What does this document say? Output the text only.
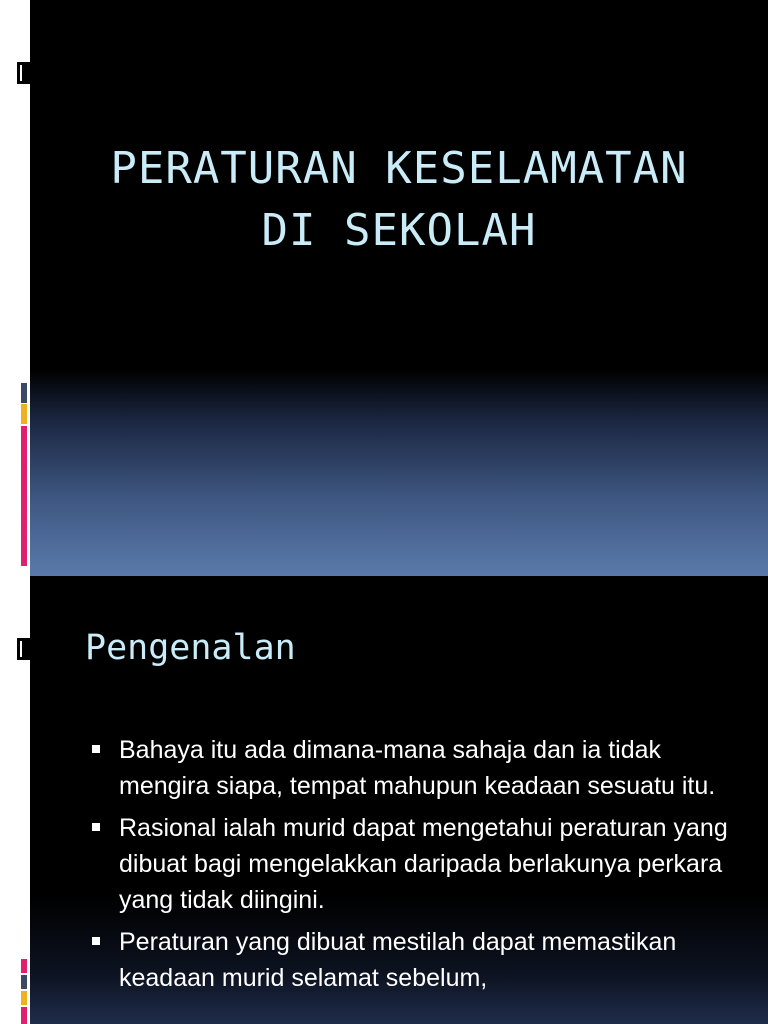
PERATURAN KESELAMATAN
DI SEKOLAH
Pengenalan
Bahaya itu ada dimana-mana sahaja dan ia tidak mengira siapa, tempat mahupun keadaan sesuatu itu.
Rasional ialah murid dapat mengetahui peraturan yang dibuat bagi mengelakkan daripada berlakunya perkara yang tidak diingini.
Peraturan yang dibuat mestilah dapat memastikan keadaan murid selamat sebelum,
